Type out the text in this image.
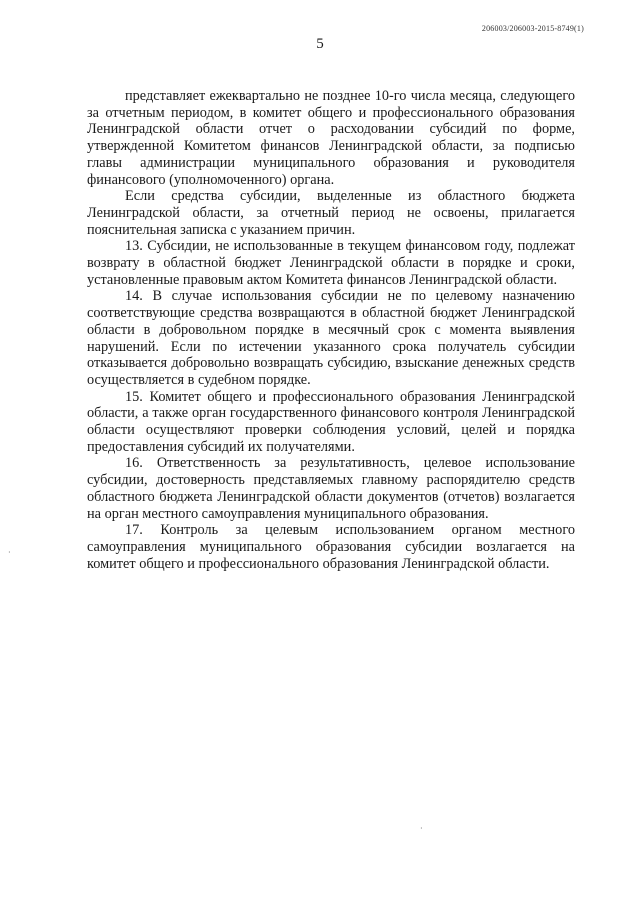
206003/206003-2015-8749(1)
5

представляет ежеквартально не позднее 10-го числа месяца, следующего за отчетным периодом, в комитет общего и профессионального образования Ленинградской области отчет о расходовании субсидий по форме, утвержденной Комитетом финансов Ленинградской области, за подписью главы администрации муниципального образования и руководителя финансового (уполномоченного) органа.

Если средства субсидии, выделенные из областного бюджета Ленинградской области, за отчетный период не освоены, прилагается пояснительная записка с указанием причин.

13. Субсидии, не использованные в текущем финансовом году, подлежат возврату в областной бюджет Ленинградской области в порядке и сроки, установленные правовым актом Комитета финансов Ленинградской области.

14. В случае использования субсидии не по целевому назначению соответствующие средства возвращаются в областной бюджет Ленинградской области в добровольном порядке в месячный срок с момента выявления нарушений. Если по истечении указанного срока получатель субсидии отказывается добровольно возвращать субсидию, взыскание денежных средств осуществляется в судебном порядке.

15. Комитет общего и профессионального образования Ленинградской области, а также орган государственного финансового контроля Ленинградской области осуществляют проверки соблюдения условий, целей и порядка предоставления субсидий их получателями.

16. Ответственность за результативность, целевое использование субсидии, достоверность представляемых главному распорядителю средств областного бюджета Ленинградской области документов (отчетов) возлагается на орган местного самоуправления муниципального образования.

17. Контроль за целевым использованием органом местного самоуправления муниципального образования субсидии возлагается на комитет общего и профессионального образования Ленинградской области.

·
·
